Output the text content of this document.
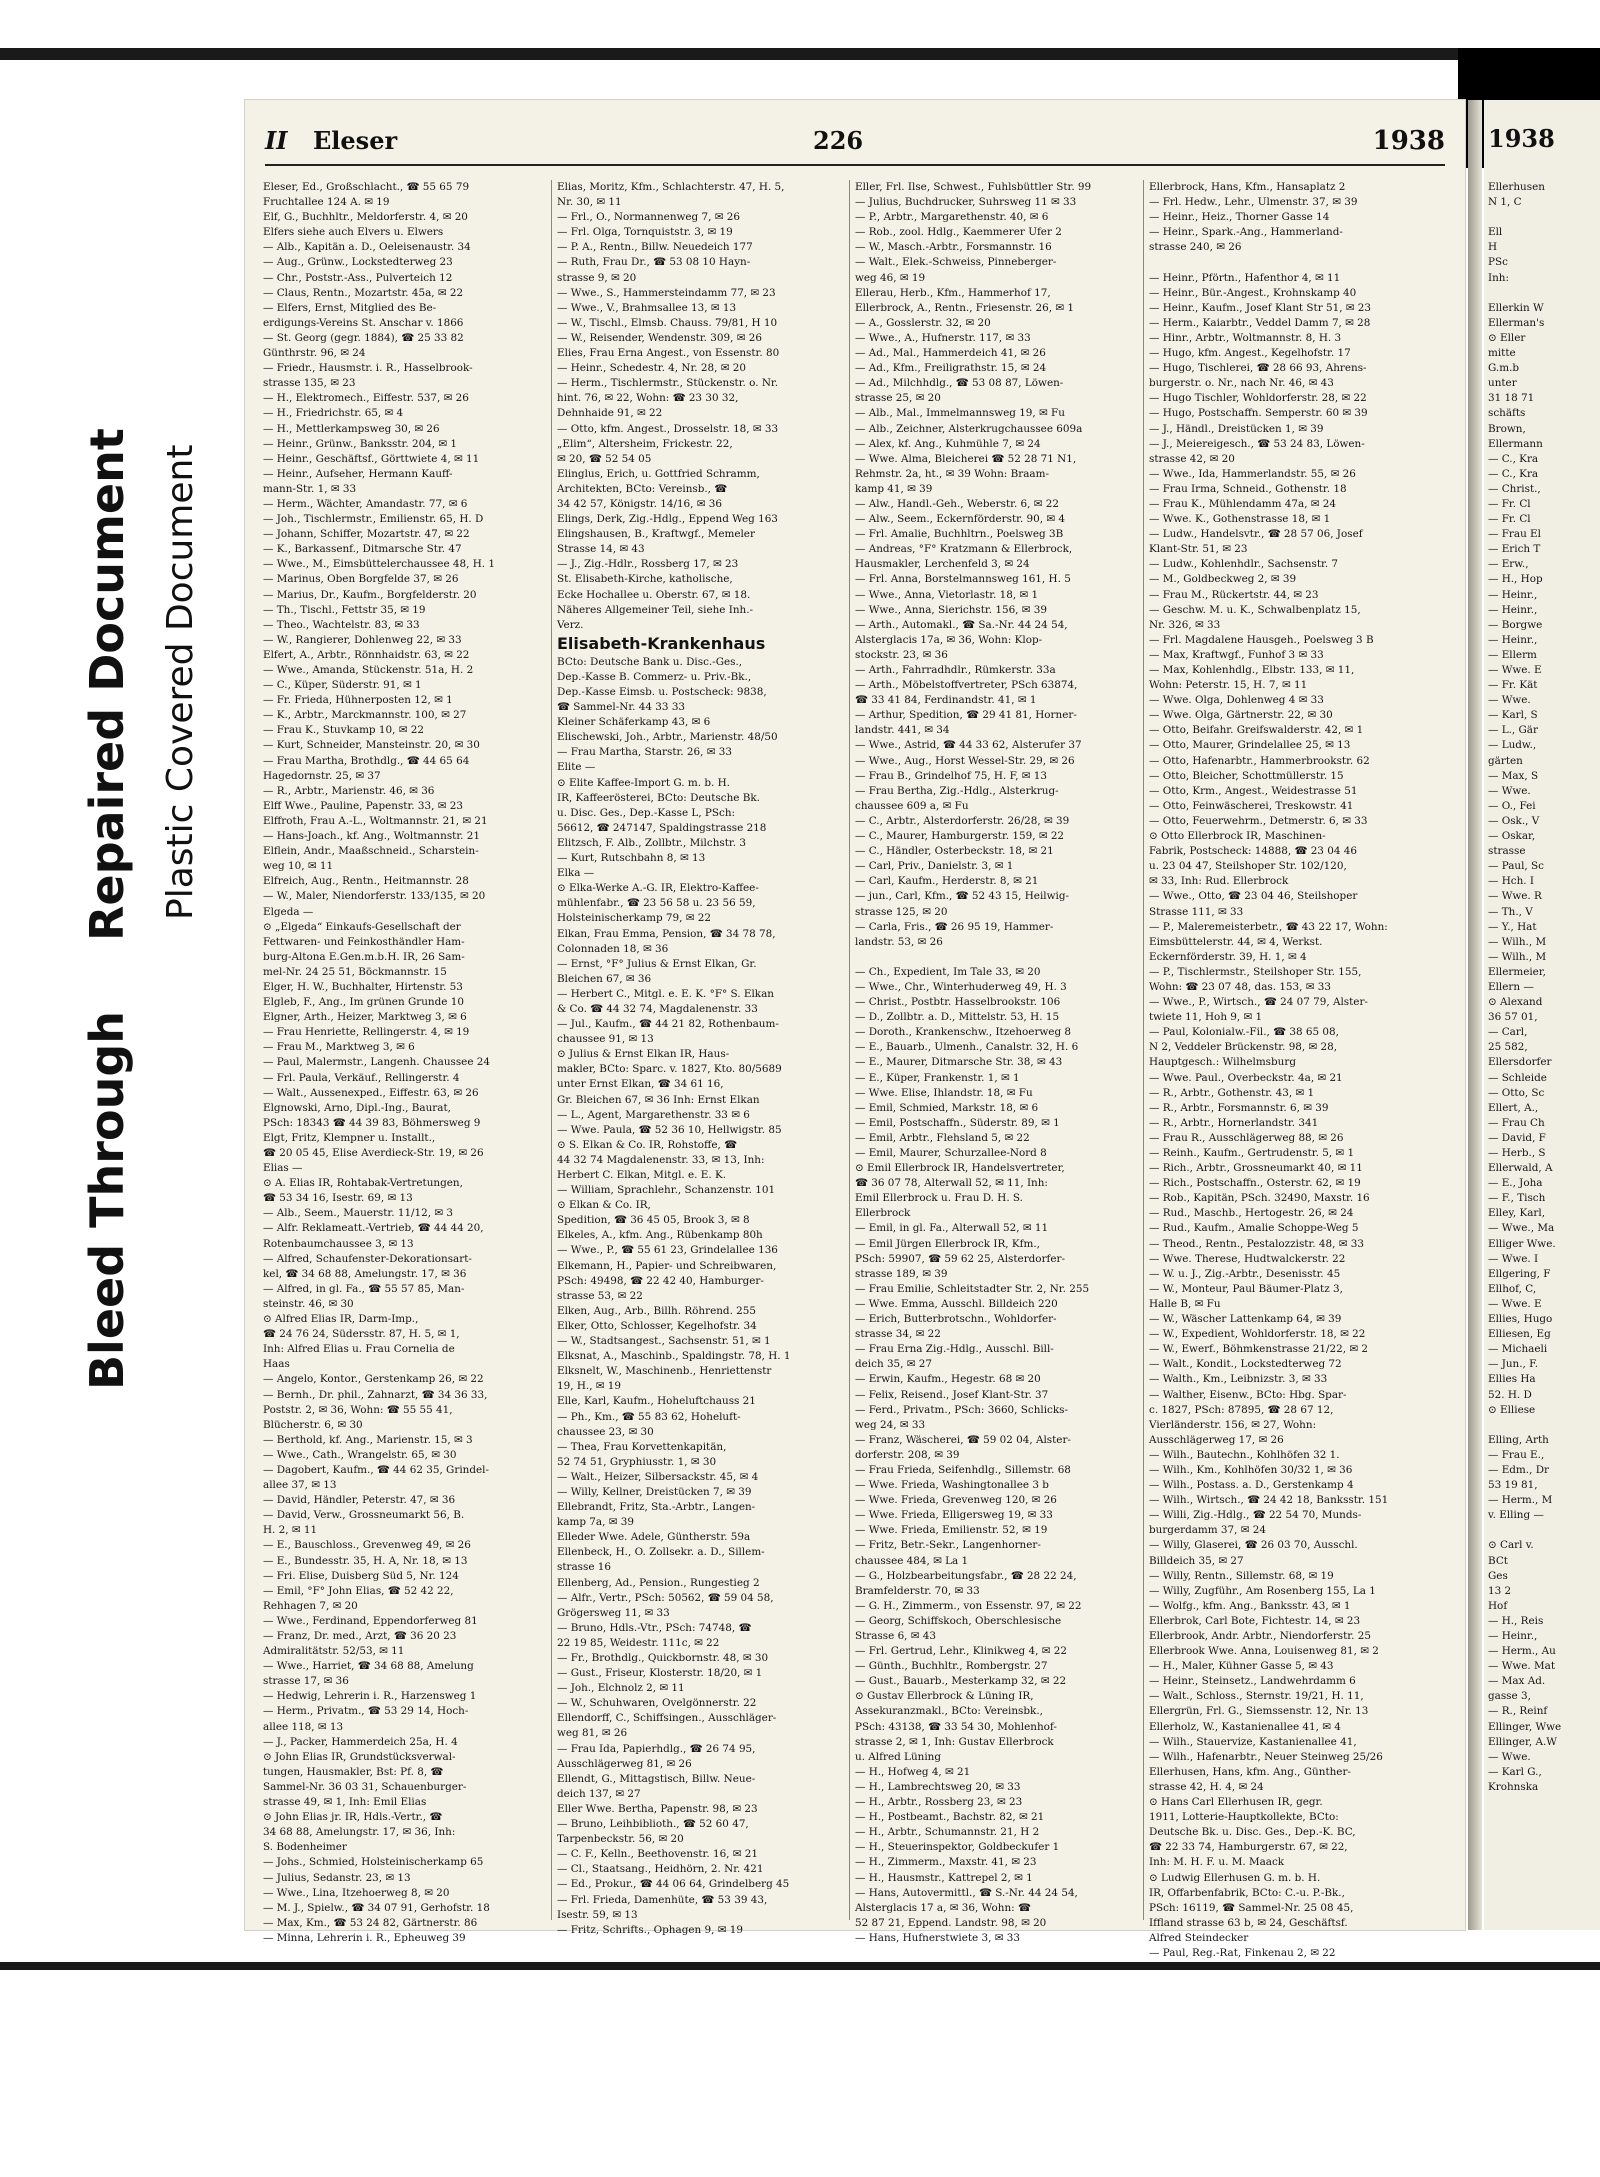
Bleed ThroughRepaired Document Plastic Covered Document
II Eleser	226	1938
Eleser, Ed., Großschlacht., ☎ 55 65 79
Fruchtallee 124 A. ✉ 19
Elf, G., Buchhltr., Meldorferstr. 4, ✉ 20
Elfers siehe auch Elvers u. Elwers
— Alb., Kapitän a. D., Oeleisenaustr. 34
— Aug., Grünw., Lockstedterweg 23
— Chr., Poststr.-Ass., Pulverteich 12
— Claus, Rentn., Mozartstr. 45a, ✉ 22
— Elfers, Ernst, Mitglied des Be-
erdigungs-Vereins St. Anschar v. 1866
— St. Georg (gegr. 1884), ☎ 25 33 82
Günthrstr. 96, ✉ 24
— Friedr., Hausmstr. i. R., Hasselbrook-
strasse 135, ✉ 23
— H., Elektromech., Eiffestr. 537, ✉ 26
— H., Friedrichstr. 65, ✉ 4
— H., Mettlerkampsweg 30, ✉ 26
— Heinr., Grünw., Banksstr. 204, ✉ 1
— Heinr., Geschäftsf., Görttwiete 4, ✉ 11
— Heinr., Aufseher, Hermann Kauff-
mann-Str. 1, ✉ 33
— Herm., Wächter, Amandastr. 77, ✉ 6
— Joh., Tischlermstr., Emilienstr. 65, H. D
— Johann, Schiffer, Mozartstr. 47, ✉ 22
— K., Barkassenf., Ditmarsche Str. 47
— Wwe., M., Eimsbüttelerchaussee 48, H. 1
— Marinus, Oben Borgfelde 37, ✉ 26
— Marius, Dr., Kaufm., Borgfelderstr. 20
— Th., Tischl., Fettstr 35, ✉ 19
— Theo., Wachtelstr. 83, ✉ 33
— W., Rangierer, Dohlenweg 22, ✉ 33
Elfert, A., Arbtr., Rönnhaidstr. 63, ✉ 22
— Wwe., Amanda, Stückenstr. 51a, H. 2
— C., Küper, Süderstr. 91, ✉ 1
— Fr. Frieda, Hühnerposten 12, ✉ 1
— K., Arbtr., Marckmannstr. 100, ✉ 27
— Frau K., Stuvkamp 10, ✉ 22
— Kurt, Schneider, Mansteinstr. 20, ✉ 30
— Frau Martha, Brothdlg., ☎ 44 65 64
Hagedornstr. 25, ✉ 37
— R., Arbtr., Marienstr. 46, ✉ 36
Elff Wwe., Pauline, Papenstr. 33, ✉ 23
Elffroth, Frau A.-L., Woltmannstr. 21, ✉ 21
— Hans-Joach., kf. Ang., Woltmannstr. 21
Elflein, Andr., Maaßschneid., Scharstein-
weg 10, ✉ 11
Elfreich, Aug., Rentn., Heitmannstr. 28
— W., Maler, Niendorferstr. 133/135, ✉ 20
Elgeda —
⊙ „Elgeda“ Einkaufs-Gesellschaft der
Fettwaren- und Feinkosthändler Ham-
burg-Altona E.Gen.m.b.H. IR, 26 Sam-
mel-Nr. 24 25 51, Böckmannstr. 15
Elger, H. W., Buchhalter, Hirtenstr. 53
Elgleb, F., Ang., Im grünen Grunde 10
Elgner, Arth., Heizer, Marktweg 3, ✉ 6
— Frau Henriette, Rellingerstr. 4, ✉ 19
— Frau M., Marktweg 3, ✉ 6
— Paul, Malermstr., Langenh. Chaussee 24
— Frl. Paula, Verkäuf., Rellingerstr. 4
— Walt., Aussenexped., Eiffestr. 63, ✉ 26
Elgnowski, Arno, Dipl.-Ing., Baurat,
PSch: 18343 ☎ 44 39 83, Böhmersweg 9
Elgt, Fritz, Klempner u. Installt.,
☎ 20 05 45, Elise Averdieck-Str. 19, ✉ 26
Elias —
⊙ A. Elias IR, Rohtabak-Vertretungen,
☎ 53 34 16, Isestr. 69, ✉ 13
— Alb., Seem., Mauerstr. 11/12, ✉ 3
— Alfr. Reklameatt.-Vertrieb, ☎ 44 44 20,
Rotenbaumchaussee 3, ✉ 13
— Alfred, Schaufenster-Dekorationsart-
kel, ☎ 34 68 88, Amelungstr. 17, ✉ 36
— Alfred, in gl. Fa., ☎ 55 57 85, Man-
steinstr. 46, ✉ 30
⊙ Alfred Elias IR, Darm-Imp.,
☎ 24 76 24, Südersstr. 87, H. 5, ✉ 1,
Inh: Alfred Elias u. Frau Cornelia de
Haas
— Angelo, Kontor., Gerstenkamp 26, ✉ 22
— Bernh., Dr. phil., Zahnarzt, ☎ 34 36 33,
Poststr. 2, ✉ 36, Wohn: ☎ 55 55 41,
Blücherstr. 6, ✉ 30
— Berthold, kf. Ang., Marienstr. 15, ✉ 3
— Wwe., Cath., Wrangelstr. 65, ✉ 30
— Dagobert, Kaufm., ☎ 44 62 35, Grindel-
allee 37, ✉ 13
— David, Händler, Peterstr. 47, ✉ 36
— David, Verw., Grossneumarkt 56, B.
H. 2, ✉ 11
— E., Bauschloss., Grevenweg 49, ✉ 26
— E., Bundesstr. 35, H. A, Nr. 18, ✉ 13
— Fri. Elise, Duisberg Süd 5, Nr. 124
— Emil, °F° John Elias, ☎ 52 42 22,
Rehhagen 7, ✉ 20
— Wwe., Ferdinand, Eppendorferweg 81
— Franz, Dr. med., Arzt, ☎ 36 20 23
Admiralitätstr. 52/53, ✉ 11
— Wwe., Harriet, ☎ 34 68 88, Amelung
strasse 17, ✉ 36
— Hedwig, Lehrerin i. R., Harzensweg 1
— Herm., Privatm., ☎ 53 29 14, Hoch-
allee 118, ✉ 13
— J., Packer, Hammerdeich 25a, H. 4
⊙ John Elias IR, Grundstücksverwal-
tungen, Hausmakler, Bst: Pf. 8, ☎
Sammel-Nr. 36 03 31, Schauenburger-
strasse 49, ✉ 1, Inh: Emil Elias
⊙ John Elias jr. IR, Hdls.-Vertr., ☎
34 68 88, Amelungstr. 17, ✉ 36, Inh:
S. Bodenheimer
— Johs., Schmied, Holsteinischerkamp 65
— Julius, Sedanstr. 23, ✉ 13
— Wwe., Lina, Itzehoerweg 8, ✉ 20
— M. J., Spielw., ☎ 34 07 91, Gerhofstr. 18
— Max, Km., ☎ 53 24 82, Gärtnerstr. 86
— Minna, Lehrerin i. R., Epheuweg 39
Elias, Moritz, Kfm., Schlachterstr. 47, H. 5,
Nr. 30, ✉ 11
— Frl., O., Normannenweg 7, ✉ 26
— Frl. Olga, Tornquiststr. 3, ✉ 19
— P. A., Rentn., Billw. Neuedeich 177
— Ruth, Frau Dr., ☎ 53 08 10 Hayn-
strasse 9, ✉ 20
— Wwe., S., Hammersteindamm 77, ✉ 23
— Wwe., V., Brahmsallee 13, ✉ 13
— W., Tischl., Elmsb. Chauss. 79/81, H 10
— W., Reisender, Wendenstr. 309, ✉ 26
Elies, Frau Erna Angest., von Essenstr. 80
— Heinr., Schedestr. 4, Nr. 28, ✉ 20
— Herm., Tischlermstr., Stückenstr. o. Nr.
hint. 76, ✉ 22, Wohn: ☎ 23 30 32,
Dehnhaide 91, ✉ 22
— Otto, kfm. Angest., Drosselstr. 18, ✉ 33
„Elim“, Altersheim, Frickestr. 22,
✉ 20, ☎ 52 54 05
Elinglus, Erich, u. Gottfried Schramm,
Architekten, BCto: Vereinsb., ☎
34 42 57, Königstr. 14/16, ✉ 36
Elings, Derk, Zig.-Hdlg., Eppend Weg 163
Elingshausen, B., Kraftwgf., Memeler
Strasse 14, ✉ 43
— J., Zig.-Hdlr., Rossberg 17, ✉ 23
St. Elisabeth-Kirche, katholische,
Ecke Hochallee u. Oberstr. 67, ✉ 18.
Näheres Allgemeiner Teil, siehe Inh.-
Verz.
Elisabeth-Krankenhaus
BCto: Deutsche Bank u. Disc.-Ges.,
Dep.-Kasse B. Commerz- u. Priv.-Bk.,
Dep.-Kasse Eimsb. u. Postscheck: 9838,
☎ Sammel-Nr. 44 33 33
Kleiner Schäferkamp 43, ✉ 6
Elischewski, Joh., Arbtr., Marienstr. 48/50
— Frau Martha, Starstr. 26, ✉ 33
Elite —
⊙ Elite Kaffee-Import G. m. b. H.
IR, Kaffeerösterei, BCto: Deutsche Bk.
u. Disc. Ges., Dep.-Kasse L, PSch:
56612, ☎ 247147, Spaldingstrasse 218
Elitzsch, F. Alb., Zollbtr., Milchstr. 3
— Kurt, Rutschbahn 8, ✉ 13
Elka —
⊙ Elka-Werke A.-G. IR, Elektro-Kaffee-
mühlenfabr., ☎ 23 56 58 u. 23 56 59,
Holsteinischerkamp 79, ✉ 22
Elkan, Frau Emma, Pension, ☎ 34 78 78,
Colonnaden 18, ✉ 36
— Ernst, °F° Julius & Ernst Elkan, Gr.
Bleichen 67, ✉ 36
— Herbert C., Mitgl. e. E. K. °F° S. Elkan
& Co. ☎ 44 32 74, Magdalenenstr. 33
— Jul., Kaufm., ☎ 44 21 82, Rothenbaum-
chaussee 91, ✉ 13
⊙ Julius & Ernst Elkan IR, Haus-
makler, BCto: Sparc. v. 1827, Kto. 80/5689
unter Ernst Elkan, ☎ 34 61 16,
Gr. Bleichen 67, ✉ 36 Inh: Ernst Elkan
— L., Agent, Margarethenstr. 33 ✉ 6
— Wwe. Paula, ☎ 52 36 10, Hellwigstr. 85
⊙ S. Elkan & Co. IR, Rohstoffe, ☎
44 32 74 Magdalenenstr. 33, ✉ 13, Inh:
Herbert C. Elkan, Mitgl. e. E. K.
— William, Sprachlehr., Schanzenstr. 101
⊙ Elkan & Co. IR,
Spedition, ☎ 36 45 05, Brook 3, ✉ 8
Elkeles, A., kfm. Ang., Rübenkamp 80h
— Wwe., P., ☎ 55 61 23, Grindelallee 136
Elkemann, H., Papier- und Schreibwaren,
PSch: 49498, ☎ 22 42 40, Hamburger-
strasse 53, ✉ 22
Elken, Aug., Arb., Billh. Röhrend. 255
Elker, Otto, Schlosser, Kegelhofstr. 34
— W., Stadtsangest., Sachsenstr. 51, ✉ 1
Elksnat, A., Maschinb., Spaldingstr. 78, H. 1
Elksnelt, W., Maschinenb., Henriettenstr
19, H., ✉ 19
Elle, Karl, Kaufm., Hoheluftchauss 21
— Ph., Km., ☎ 55 83 62, Hoheluft-
chaussee 23, ✉ 30
— Thea, Frau Korvettenkapitän,
52 74 51, Gryphiusstr. 1, ✉ 30
— Walt., Heizer, Silbersackstr. 45, ✉ 4
— Willy, Kellner, Dreistücken 7, ✉ 39
Ellebrandt, Fritz, Sta.-Arbtr., Langen-
kamp 7a, ✉ 39
Elleder Wwe. Adele, Güntherstr. 59a
Ellenbeck, H., O. Zollsekr. a. D., Sillem-
strasse 16
Ellenberg, Ad., Pension., Rungestieg 2
— Alfr., Vertr., PSch: 50562, ☎ 59 04 58,
Grögersweg 11, ✉ 33
— Bruno, Hdls.-Vtr., PSch: 74748, ☎
22 19 85, Weidestr. 111c, ✉ 22
— Fr., Brothdlg., Quickbornstr. 48, ✉ 30
— Gust., Friseur, Klosterstr. 18/20, ✉ 1
— Joh., Elchnolz 2, ✉ 11
— W., Schuhwaren, Ovelgönnerstr. 22
Ellendorff, C., Schiffsingen., Ausschläger-
weg 81, ✉ 26
— Frau Ida, Papierhdlg., ☎ 26 74 95,
Ausschlägerweg 81, ✉ 26
Ellendt, G., Mittagstisch, Billw. Neue-
deich 137, ✉ 27
Eller Wwe. Bertha, Papenstr. 98, ✉ 23
— Bruno, Leihbiblioth., ☎ 52 60 47,
Tarpenbeckstr. 56, ✉ 20
— C. F., Kelln., Beethovenstr. 16, ✉ 21
— Cl., Staatsang., Heidhörn, 2. Nr. 421
— Ed., Prokur., ☎ 44 06 64, Grindelberg 45
— Frl. Frieda, Damenhüte, ☎ 53 39 43,
Isestr. 59, ✉ 13
— Fritz, Schrifts., Ophagen 9, ✉ 19
Eller, Frl. Ilse, Schwest., Fuhlsbüttler Str. 99
— Julius, Buchdrucker, Suhrsweg 11 ✉ 33
— P., Arbtr., Margarethenstr. 40, ✉ 6
— Rob., zool. Hdlg., Kaemmerer Ufer 2
— W., Masch.-Arbtr., Forsmannstr. 16
— Walt., Elek.-Schweiss, Pinneberger-
weg 46, ✉ 19
Ellerau, Herb., Kfm., Hammerhof 17,
Ellerbrock, A., Rentn., Friesenstr. 26, ✉ 1
— A., Gosslerstr. 32, ✉ 20
— Wwe., A., Hufnerstr. 117, ✉ 33
— Ad., Mal., Hammerdeich 41, ✉ 26
— Ad., Kfm., Freiligrathstr. 15, ✉ 24
— Ad., Milchhdlg., ☎ 53 08 87, Löwen-
strasse 25, ✉ 20
— Alb., Mal., Immelmannsweg 19, ✉ Fu
— Alb., Zeichner, Alsterkrugchaussee 609a
— Alex, kf. Ang., Kuhmühle 7, ✉ 24
— Wwe. Alma, Bleicherei ☎ 52 28 71 N1,
Rehmstr. 2a, ht., ✉ 39 Wohn: Braam-
kamp 41, ✉ 39
— Alw., Handl.-Geh., Weberstr. 6, ✉ 22
— Alw., Seem., Eckernförderstr. 90, ✉ 4
— Frl. Amalie, Buchhltrn., Poelsweg 3B
— Andreas, °F° Kratzmann & Ellerbrock,
Hausmakler, Lerchenfeld 3, ✉ 24
— Frl. Anna, Borstelmannsweg 161, H. 5
— Wwe., Anna, Vietorlastr. 18, ✉ 1
— Wwe., Anna, Sierichstr. 156, ✉ 39
— Arth., Automakl., ☎ Sa.-Nr. 44 24 54,
Alsterglacis 17a, ✉ 36, Wohn: Klop-
stockstr. 23, ✉ 36
— Arth., Fahrradhdlr., Rümkerstr. 33a
— Arth., Möbelstoffvertreter, PSch 63874,
☎ 33 41 84, Ferdinandstr. 41, ✉ 1
— Arthur, Spedition, ☎ 29 41 81, Horner-
landstr. 441, ✉ 34
— Wwe., Astrid, ☎ 44 33 62, Alsterufer 37
— Wwe., Aug., Horst Wessel-Str. 29, ✉ 26
— Frau B., Grindelhof 75, H. F, ✉ 13
— Frau Bertha, Zig.-Hdlg., Alsterkrug-
chaussee 609 a, ✉ Fu
— C., Arbtr., Alsterdorferstr. 26/28, ✉ 39
— C., Maurer, Hamburgerstr. 159, ✉ 22
— C., Händler, Osterbeckstr. 18, ✉ 21
— Carl, Priv., Danielstr. 3, ✉ 1
— Carl, Kaufm., Herderstr. 8, ✉ 21
— jun., Carl, Kfm., ☎ 52 43 15, Heilwig-
strasse 125, ✉ 20
— Carla, Fris., ☎ 26 95 19, Hammer-
landstr. 53, ✉ 26

— Ch., Expedient, Im Tale 33, ✉ 20
— Wwe., Chr., Winterhuderweg 49, H. 3
— Christ., Postbtr. Hasselbrookstr. 106
— D., Zollbtr. a. D., Mittelstr. 53, H. 15
— Doroth., Krankenschw., Itzehoerweg 8
— E., Bauarb., Ulmenh., Canalstr. 32, H. 6
— E., Maurer, Ditmarsche Str. 38, ✉ 43
— E., Küper, Frankenstr. 1, ✉ 1
— Wwe. Elise, Ihlandstr. 18, ✉ Fu
— Emil, Schmied, Markstr. 18, ✉ 6
— Emil, Postschaffn., Süderstr. 89, ✉ 1
— Emil, Arbtr., Flehsland 5, ✉ 22
— Emil, Maurer, Schurzallee-Nord 8
⊙ Emil Ellerbrock IR, Handelsvertreter,
☎ 36 07 78, Alterwall 52, ✉ 11, Inh:
Emil Ellerbrock u. Frau D. H. S.
Ellerbrock
— Emil, in gl. Fa., Alterwall 52, ✉ 11
— Emil Jürgen Ellerbrock IR, Kfm.,
PSch: 59907, ☎ 59 62 25, Alsterdorfer-
strasse 189, ✉ 39
— Frau Emilie, Schleitstadter Str. 2, Nr. 255
— Wwe. Emma, Ausschl. Billdeich 220
— Erich, Butterbrotschn., Wohldorfer-
strasse 34, ✉ 22
— Frau Erna Zig.-Hdlg., Ausschl. Bill-
deich 35, ✉ 27
— Erwin, Kaufm., Hegestr. 68 ✉ 20
— Felix, Reisend., Josef Klant-Str. 37
— Ferd., Privatm., PSch: 3660, Schlicks-
weg 24, ✉ 33
— Franz, Wäscherei, ☎ 59 02 04, Alster-
dorferstr. 208, ✉ 39
— Frau Frieda, Seifenhdlg., Sillemstr. 68
— Wwe. Frieda, Washingtonallee 3 b
— Wwe. Frieda, Grevenweg 120, ✉ 26
— Wwe. Frieda, Elligersweg 19, ✉ 33
— Wwe. Frieda, Emilienstr. 52, ✉ 19
— Fritz, Betr.-Sekr., Langenhorner-
chaussee 484, ✉ La 1
— G., Holzbearbeitungsfabr., ☎ 28 22 24,
Bramfelderstr. 70, ✉ 33
— G. H., Zimmerm., von Essenstr. 97, ✉ 22
— Georg, Schiffskoch, Oberschlesische
Strasse 6, ✉ 43
— Frl. Gertrud, Lehr., Klinikweg 4, ✉ 22
— Günth., Buchhltr., Rombergstr. 27
— Gust., Bauarb., Mesterkamp 32, ✉ 22
⊙ Gustav Ellerbrock & Lüning IR,
Assekuranzmakl., BCto: Vereinsbk.,
PSch: 43138, ☎ 33 54 30, Mohlenhof-
strasse 2, ✉ 1, Inh: Gustav Ellerbrock
u. Alfred Lüning
— H., Hofweg 4, ✉ 21
— H., Lambrechtsweg 20, ✉ 33
— H., Arbtr., Rossberg 23, ✉ 23
— H., Postbeamt., Bachstr. 82, ✉ 21
— H., Arbtr., Schumannstr. 21, H 2
— H., Steuerinspektor, Goldbeckufer 1
— H., Zimmerm., Maxstr. 41, ✉ 23
— H., Hausmstr., Kattrepel 2, ✉ 1
— Hans, Autovermittl., ☎ S.-Nr. 44 24 54,
Alsterglacis 17 a, ✉ 36, Wohn: ☎
52 87 21, Eppend. Landstr. 98, ✉ 20
— Hans, Hufnerstwiete 3, ✉ 33
Ellerbrock, Hans, Kfm., Hansaplatz 2
— Frl. Hedw., Lehr., Ulmenstr. 37, ✉ 39
— Heinr., Heiz., Thorner Gasse 14
— Heinr., Spark.-Ang., Hammerland-
strasse 240, ✉ 26

— Heinr., Pförtn., Hafenthor 4, ✉ 11
— Heinr., Bür.-Angest., Krohnskamp 40
— Heinr., Kaufm., Josef Klant Str 51, ✉ 23
— Herm., Kaiarbtr., Veddel Damm 7, ✉ 28
— Hinr., Arbtr., Woltmannstr. 8, H. 3
— Hugo, kfm. Angest., Kegelhofstr. 17
— Hugo, Tischlerei, ☎ 28 66 93, Ahrens-
burgerstr. o. Nr., nach Nr. 46, ✉ 43
— Hugo Tischler, Wohldorferstr. 28, ✉ 22
— Hugo, Postschaffn. Semperstr. 60 ✉ 39
— J., Händl., Dreistücken 1, ✉ 39
— J., Meiereigesch., ☎ 53 24 83, Löwen-
strasse 42, ✉ 20
— Wwe., Ida, Hammerlandstr. 55, ✉ 26
— Frau Irma, Schneid., Gothenstr. 18
— Frau K., Mühlendamm 47a, ✉ 24
— Wwe. K., Gothenstrasse 18, ✉ 1
— Ludw., Handelsvtr., ☎ 28 57 06, Josef
Klant-Str. 51, ✉ 23
— Ludw., Kohlenhdlr., Sachsenstr. 7
— M., Goldbeckweg 2, ✉ 39
— Frau M., Rückertstr. 44, ✉ 23
— Geschw. M. u. K., Schwalbenplatz 15,
Nr. 326, ✉ 33
— Frl. Magdalene Hausgeh., Poelsweg 3 B
— Max, Kraftwgf., Funhof 3 ✉ 33
— Max, Kohlenhdlg., Elbstr. 133, ✉ 11,
Wohn: Peterstr. 15, H. 7, ✉ 11
— Wwe. Olga, Dohlenweg 4 ✉ 33
— Wwe. Olga, Gärtnerstr. 22, ✉ 30
— Otto, Beifahr. Greifswalderstr. 42, ✉ 1
— Otto, Maurer, Grindelallee 25, ✉ 13
— Otto, Hafenarbtr., Hammerbrookstr. 62
— Otto, Bleicher, Schottmüllerstr. 15
— Otto, Krm., Angest., Weidestrasse 51
— Otto, Feinwäscherei, Treskowstr. 41
— Otto, Feuerwehrm., Detmerstr. 6, ✉ 33
⊙ Otto Ellerbrock IR, Maschinen-
Fabrik, Postscheck: 14888, ☎ 23 04 46
u. 23 04 47, Steilshoper Str. 102/120,
✉ 33, Inh: Rud. Ellerbrock
— Wwe., Otto, ☎ 23 04 46, Steilshoper
Strasse 111, ✉ 33
— P., Maleremeisterbetr., ☎ 43 22 17, Wohn:
Eimsbüttelerstr. 44, ✉ 4, Werkst.
Eckernförderstr. 39, H. 1, ✉ 4
— P., Tischlermstr., Steilshoper Str. 155,
Wohn: ☎ 23 07 48, das. 153, ✉ 33
— Wwe., P., Wirtsch., ☎ 24 07 79, Alster-
twiete 11, Hoh 9, ✉ 1
— Paul, Kolonialw.-Fil., ☎ 38 65 08,
N 2, Veddeler Brückenstr. 98, ✉ 28,
Hauptgesch.: Wilhelmsburg
— Wwe. Paul., Overbeckstr. 4a, ✉ 21
— R., Arbtr., Gothenstr. 43, ✉ 1
— R., Arbtr., Forsmannstr. 6, ✉ 39
— R., Arbtr., Hornerlandstr. 341
— Frau R., Ausschlägerweg 88, ✉ 26
— Reinh., Kaufm., Gertrudenstr. 5, ✉ 1
— Rich., Arbtr., Grossneumarkt 40, ✉ 11
— Rich., Postschaffn., Osterstr. 62, ✉ 19
— Rob., Kapitän, PSch. 32490, Maxstr. 16
— Rud., Maschb., Hertogestr. 26, ✉ 24
— Rud., Kaufm., Amalie Schoppe-Weg 5
— Theod., Rentn., Pestalozzistr. 48, ✉ 33
— Wwe. Therese, Hudtwalckerstr. 22
— W. u. J., Zig.-Arbtr., Desenisstr. 45
— W., Monteur, Paul Bäumer-Platz 3,
Halle B, ✉ Fu
— W., Wäscher Lattenkamp 64, ✉ 39
— W., Expedient, Wohldorferstr. 18, ✉ 22
— W., Ewerf., Böhmkenstrasse 21/22, ✉ 2
— Walt., Kondit., Lockstedterweg 72
— Walth., Km., Leibnizstr. 3, ✉ 33
— Walther, Eisenw., BCto: Hbg. Spar-
c. 1827, PSch: 87895, ☎ 28 67 12,
Vierländerstr. 156, ✉ 27, Wohn:
Ausschlägerweg 17, ✉ 26
— Wilh., Bautechn., Kohlhöfen 32 1.
— Wilh., Km., Kohlhöfen 30/32 1, ✉ 36
— Wilh., Postass. a. D., Gerstenkamp 4
— Wilh., Wirtsch., ☎ 24 42 18, Banksstr. 151
— Willi, Zig.-Hdlg., ☎ 22 54 70, Munds-
burgerdamm 37, ✉ 24
— Willy, Glaserei, ☎ 26 03 70, Ausschl.
Billdeich 35, ✉ 27
— Willy, Rentn., Sillemstr. 68, ✉ 19
— Willy, Zugführ., Am Rosenberg 155, La 1
— Wolfg., kfm. Ang., Banksstr. 43, ✉ 1
Ellerbrok, Carl Bote, Fichtestr. 14, ✉ 23
Ellerbrook, Andr. Arbtr., Niendorferstr. 25
Ellerbrook Wwe. Anna, Louisenweg 81, ✉ 2
— H., Maler, Kühner Gasse 5, ✉ 43
— Heinr., Steinsetz., Landwehrdamm 6
— Walt., Schloss., Sternstr. 19/21, H. 11,
Ellergrün, Frl. G., Siemssenstr. 12, Nr. 13
Ellerholz, W., Kastanienallee 41, ✉ 4
— Wilh., Stauervize, Kastanienallee 41,
— Wilh., Hafenarbtr., Neuer Steinweg 25/26
Ellerhusen, Hans, kfm. Ang., Günther-
strasse 42, H. 4, ✉ 24
⊙ Hans Carl Ellerhusen IR, gegr.
1911, Lotterie-Hauptkollekte, BCto:
Deutsche Bk. u. Disc. Ges., Dep.-K. BC,
☎ 22 33 74, Hamburgerstr. 67, ✉ 22,
Inh: M. H. F. u. M. Maack
⊙ Ludwig Ellerhusen G. m. b. H.
IR, Offarbenfabrik, BCto: C.-u. P.-Bk.,
PSch: 16119, ☎ Sammel-Nr. 25 08 45,
Iffland strasse 63 b, ✉ 24, Geschäftsf.
Alfred Steindecker
— Paul, Reg.-Rat, Finkenau 2, ✉ 22
1938
Ellerhusen
N 1, C

Ell
H
PSc
Inh:

Ellerkin W
Ellerman's
⊙ Eller
mitte
G.m.b
unter
31 18 71
schäfts
Brown,
Ellermann
— C., Kra
— C., Kra
— Christ.,
— Fr. Cl
— Fr. Cl
— Frau El
— Erich T
— Erw.,
— H., Hop
— Heinr.,
— Heinr.,
— Borgwe
— Heinr.,
— Ellerm
— Wwe. E
— Fr. Kät
— Wwe.
— Karl, S
— L., Gär
— Ludw.,
gärten
— Max, S
— Wwe.
— O., Fei
— Osk., V
— Oskar,
strasse
— Paul, Sc
— Hch. I
— Wwe. R
— Th., V
— Y., Hat
— Wilh., M
— Wilh., M
Ellermeier,
Ellern —
⊙ Alexand
36 57 01,
— Carl,
25 582,
Ellersdorfer
— Schleide
— Otto, Sc
Ellert, A.,
— Frau Ch
— David, F
— Herb., S
Ellerwald, A
— E., Joha
— F., Tisch
Elley, Karl,
— Wwe., Ma
Elliger Wwe.
— Wwe. I
Ellgering, F
Ellhof, C,
— Wwe. E
Ellies, Hugo
Elliesen, Eg
— Michaeli
— Jun., F.
Ellies Ha
52. H. D
⊙ Elliese

Elling, Arth
— Frau E.,
— Edm., Dr
53 19 81,
— Herm., M
v. Elling —

⊙ Carl v.
BCt
Ges
13 2
Hof
— H., Reis
— Heinr.,
— Herm., Au
— Wwe. Mat
— Max Ad.
gasse 3,
— R., Reinf
Ellinger, Wwe
Ellinger, A.W
— Wwe.
— Karl G.,
Krohnska
